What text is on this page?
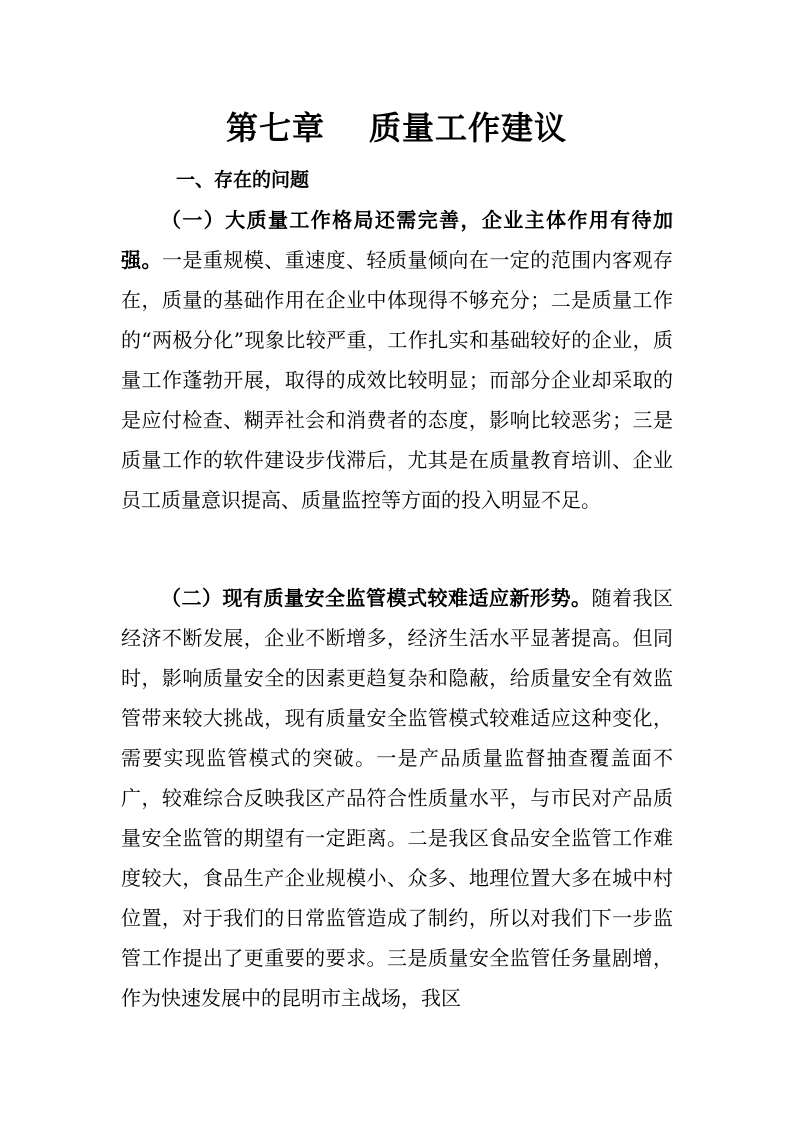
第七章 质量工作建议
一、存在的问题

（一）大质量工作格局还需完善，企业主体作用有待加强。一是重规模、重速度、轻质量倾向在一定的范围内客观存在，质量的基础作用在企业中体现得不够充分；二是质量工作的“两极分化”现象比较严重，工作扎实和基础较好的企业，质量工作蓬勃开展，取得的成效比较明显；而部分企业却采取的是应付检查、糊弄社会和消费者的态度，影响比较恶劣；三是质量工作的软件建设步伐滞后，尤其是在质量教育培训、企业员工质量意识提高、质量监控等方面的投入明显不足。

（二）现有质量安全监管模式较难适应新形势。随着我区经济不断发展，企业不断增多，经济生活水平显著提高。但同时，影响质量安全的因素更趋复杂和隐蔽，给质量安全有效监管带来较大挑战，现有质量安全监管模式较难适应这种变化，需要实现监管模式的突破。一是产品质量监督抽查覆盖面不广，较难综合反映我区产品符合性质量水平，与市民对产品质量安全监管的期望有一定距离。二是我区食品安全监管工作难度较大，食品生产企业规模小、众多、地理位置大多在城中村位置，对于我们的日常监管造成了制约，所以对我们下一步监管工作提出了更重要的要求。三是质量安全监管任务量剧增，作为快速发展中的昆明市主战场，我区
